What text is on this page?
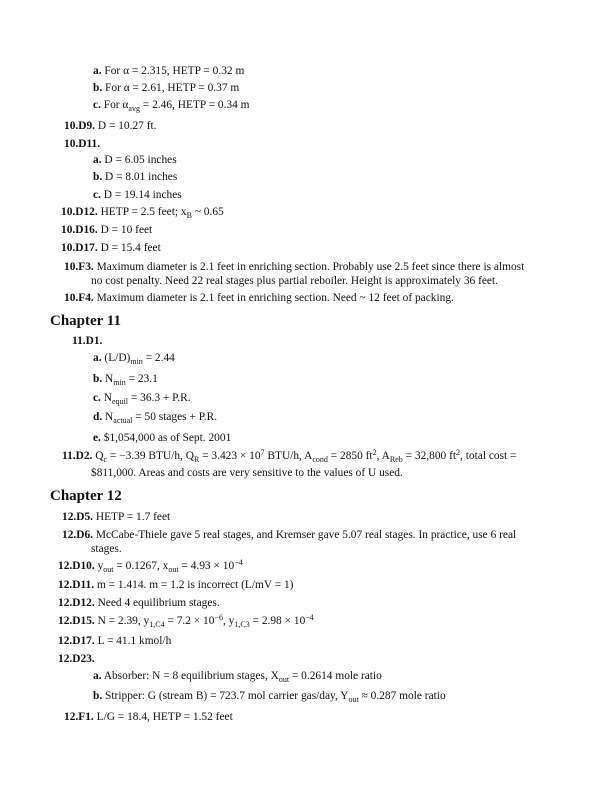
Chapter 11
Chapter 12
a. For α = 2.315, HETP = 0.32 m
b. For α = 2.61, HETP = 0.37 m
c. For $\alpha_{avg} = 2.46$, HETP = 0.34 m
10.D9. D = 10.27 ft.
10.D11.
a. D = 6.05 inches
b. D = 8.01 inches
c. D = 19.14 inches
10.D12. HETP = 2.5 feet; $x_B$ ~ 0.65
10.D16. D = 10 feet
10.D17. D = 15.4 feet
10.F3. Maximum diameter is 2.1 feet in enriching section. Probably use 2.5 feet since there is almost
no cost penalty. Need 22 real stages plus partial reboiler. Height is approximately 36 feet.
10.F4. Maximum diameter is 2.1 feet in enriching section. Need ~ 12 feet of packing.
11.D1.
a. $(L/D)_{min} = 2.44$
b. $N_{min} = 23.1$
c. $N_{equil} = 36.3 + P.R$.
d. $N_{actual} = 50$ stages + P.R.
e. $1,054,000 as of Sept. 2001
11.D2. $Q_c = -3.39$ BTU/h, $Q_R = 3.423 \times 10^7$ BTU/h, $A_{cond} = 2850$ $ft^2$, $A_{Reb} = 32,800$ $ft^2$, total cost =
$811,000. Areas and costs are very sensitive to the values of U used.
12.D5. HETP = 1.7 feet
12.D6. McCabe-Thiele gave 5 real stages, and Kremser gave 5.07 real stages. In practice, use 6 real
stages.
12.D10. $y_{out} = 0.1267$, $x_{out} = 4.93 \times 10^{-4}$
12.D11. m = 1.414. m = 1.2 is incorrect (L/mV = 1)
12.D12. Need 4 equilibrium stages.
12.D15. N = 2.39, $y_{1,C4} = 7.2 \times 10^{-6}$, $y_{1,C3} = 2.98 \times 10^{-4}$
12.D17. L = 41.1 kmol/h
12.D23.
a. Absorber: N = 8 equilibrium stages, $X_{out} = 0.2614$ mole ratio
b. Stripper: G (stream B) = 723.7 mol carrier gas/day, $Y_{out} \approx 0.287$ mole ratio
12.F1. L/G = 18.4, HETP = 1.52 feet
